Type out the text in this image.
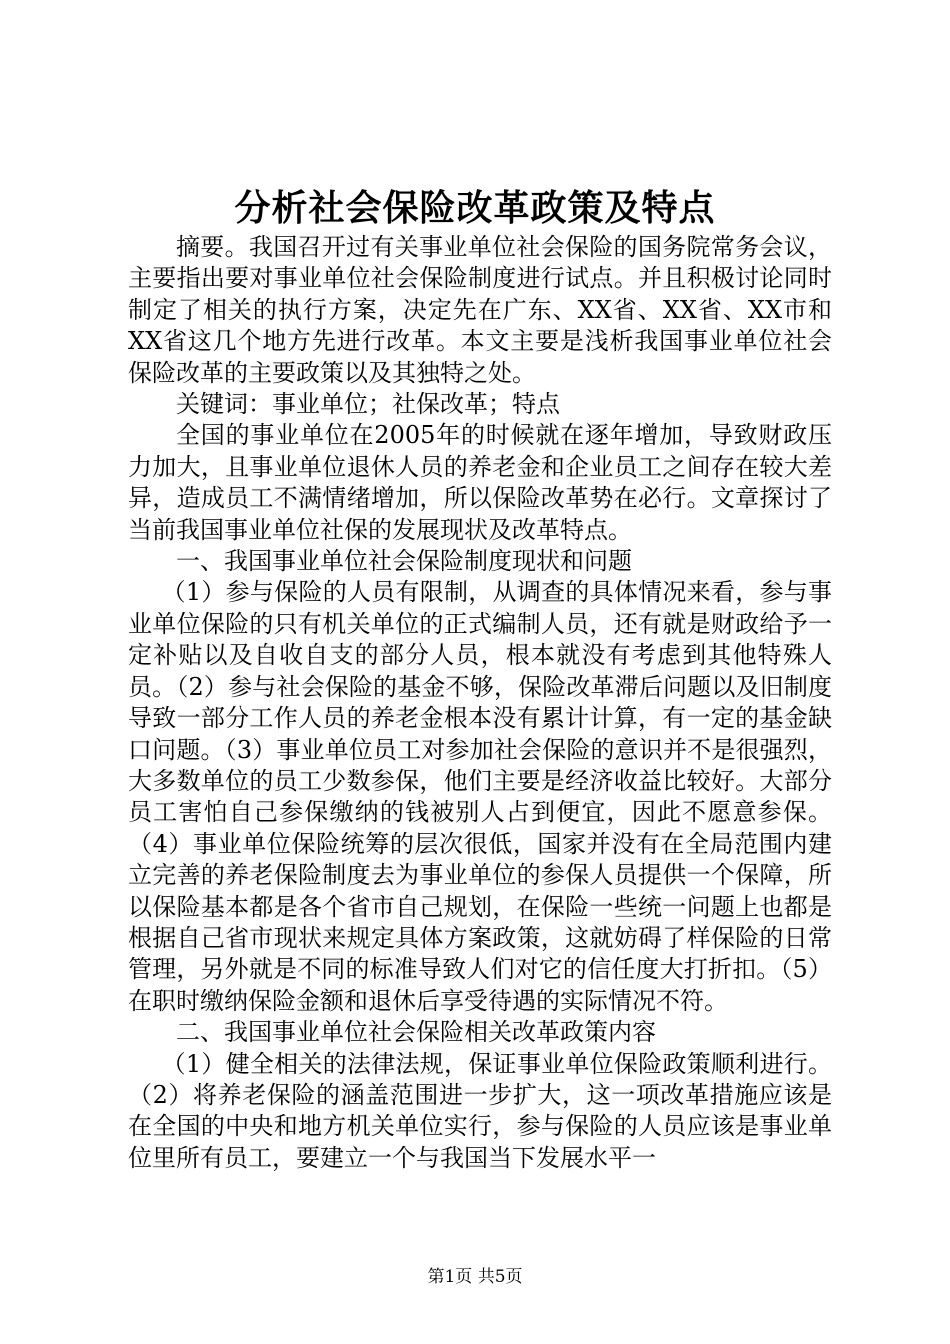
分析社会保险改革政策及特点

摘要。我国召开过有关事业单位社会保险的国务院常务会议，主要指出要对事业单位社会保险制度进行试点。并且积极讨论同时制定了相关的执行方案，决定先在广东、XX省、XX省、XX市和XX省这几个地方先进行改革。本文主要是浅析我国事业单位社会保险改革的主要政策以及其独特之处。

关键词：事业单位；社保改革；特点

全国的事业单位在2005年的时候就在逐年增加，导致财政压力加大，且事业单位退休人员的养老金和企业员工之间存在较大差异，造成员工不满情绪增加，所以保险改革势在必行。文章探讨了当前我国事业单位社保的发展现状及改革特点。

一、我国事业单位社会保险制度现状和问题

（1）参与保险的人员有限制，从调查的具体情况来看，参与事业单位保险的只有机关单位的正式编制人员，还有就是财政给予一定补贴以及自收自支的部分人员，根本就没有考虑到其他特殊人员。（2）参与社会保险的基金不够，保险改革滞后问题以及旧制度导致一部分工作人员的养老金根本没有累计计算，有一定的基金缺口问题。（3）事业单位员工对参加社会保险的意识并不是很强烈，大多数单位的员工少数参保，他们主要是经济收益比较好。大部分员工害怕自己参保缴纳的钱被别人占到便宜，因此不愿意参保。（4）事业单位保险统筹的层次很低，国家并没有在全局范围内建立完善的养老保险制度去为事业单位的参保人员提供一个保障，所以保险基本都是各个省市自己规划，在保险一些统一问题上也都是根据自己省市现状来规定具体方案政策，这就妨碍了样保险的日常管理，另外就是不同的标准导致人们对它的信任度大打折扣。（5）在职时缴纳保险金额和退休后享受待遇的实际情况不符。

二、我国事业单位社会保险相关改革政策内容

（1）健全相关的法律法规，保证事业单位保险政策顺利进行。（2）将养老保险的涵盖范围进一步扩大，这一项改革措施应该是在全国的中央和地方机关单位实行，参与保险的人员应该是事业单位里所有员工，要建立一个与我国当下发展水平一

第1页 共5页
